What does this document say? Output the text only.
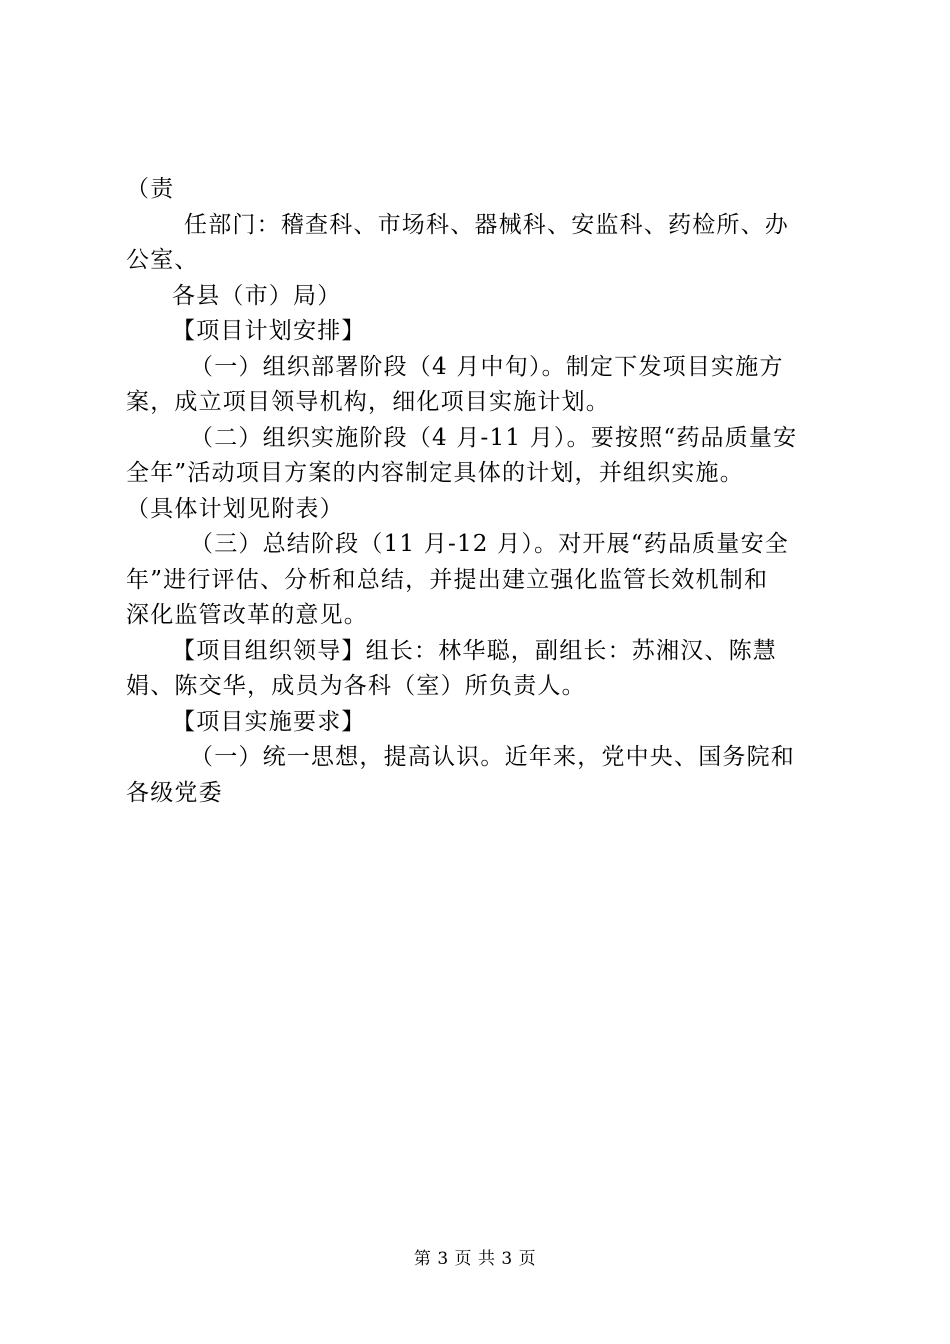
（责
任部门：稽查科、市场科、器械科、安监科、药检所、办
公室、
各县（市）局）
【项目计划安排】
（一）组织部署阶段（4 月中旬）。制定下发项目实施方
案，成立项目领导机构，细化项目实施计划。
（二）组织实施阶段（4 月-11 月）。要按照“药品质量安
全年”活动项目方案的内容制定具体的计划，并组织实施。
（具体计划见附表）
（三）总结阶段（11 月-12 月）。对开展“药品质量安全
年”进行评估、分析和总结，并提出建立强化监管长效机制和
深化监管改革的意见。
【项目组织领导】组长：林华聪，副组长：苏湘汉、陈慧
娟、陈交华，成员为各科（室）所负责人。
【项目实施要求】
（一）统一思想，提高认识。近年来，党中央、国务院和
各级党委
第 3 页 共 3 页
